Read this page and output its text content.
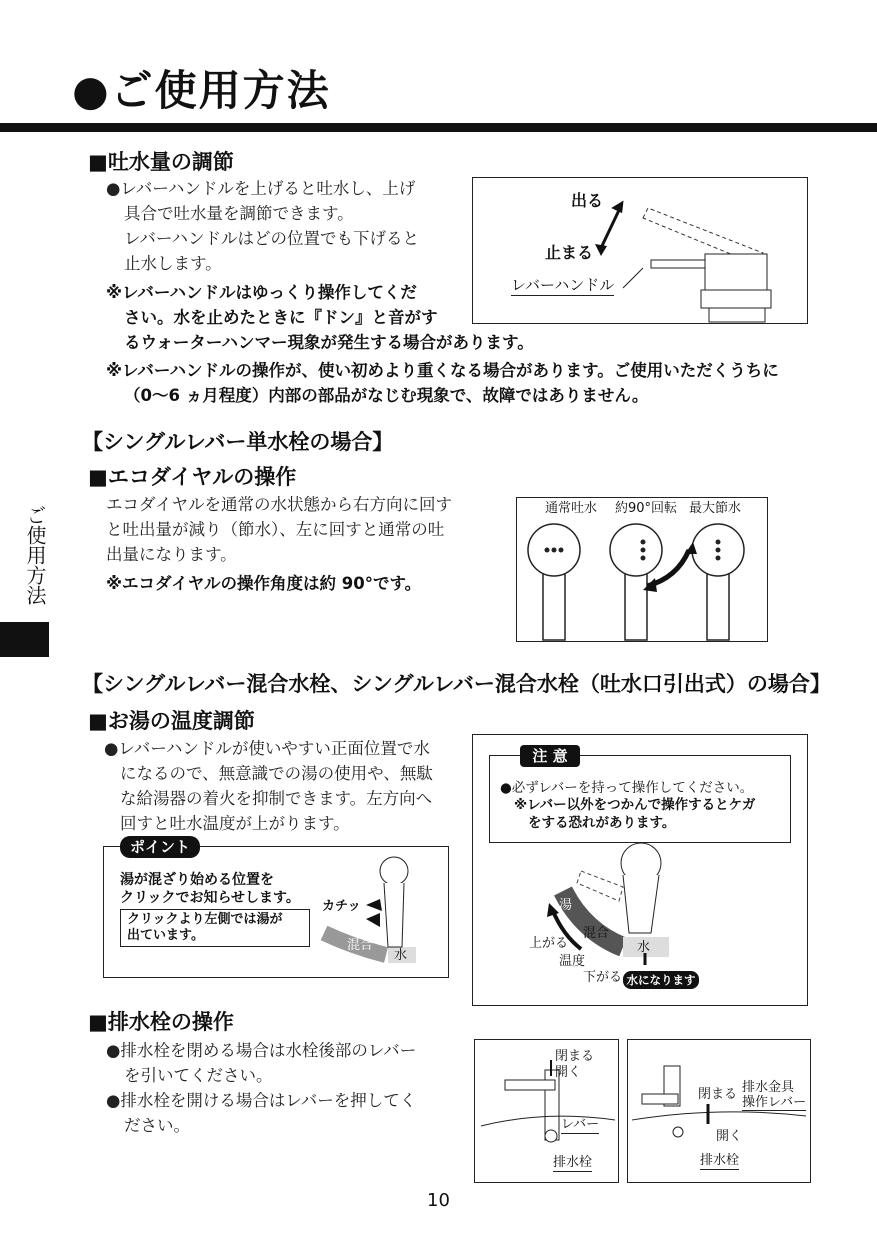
●ご使用方法
ご使用方法
■吐水量の調節
●レバーハンドルを上げると吐水し、上げ
具合で吐水量を調節できます。
レバーハンドルはどの位置でも下げると
止水します。
※レバーハンドルはゆっくり操作してくだ
さい。水を止めたときに『ドン』と音がす
るウォーターハンマー現象が発生する場合があります。
※レバーハンドルの操作が、使い初めより重くなる場合があります。ご使用いただくうちに
（0〜6 ヵ月程度）内部の部品がなじむ現象で、故障ではありません。
出る
止まる
レバーハンドル
【シングルレバー単水栓の場合】
■エコダイヤルの操作
エコダイヤルを通常の水状態から右方向に回す
と吐出量が減り（節水）、左に回すと通常の吐
出量になります。
※エコダイヤルの操作角度は約 90°です。
通常吐水 約90°回転 最大節水
【シングルレバー混合水栓、シングルレバー混合水栓（吐水口引出式）の場合】
■お湯の温度調節
●レバーハンドルが使いやすい正面位置で水
になるので、無意識での湯の使用や、無駄
な給湯器の着火を抑制できます。左方向へ
回すと吐水温度が上がります。
ポイント
湯が混ざり始める位置を
クリックでお知らせします。
クリックより左側では湯が
出ています。
カチッ
混合
水
注 意
●必ずレバーを持って操作してください。
※レバー以外をつかんで操作するとケガ
をする恐れがあります。
湯
混合
水
上がる
温度
下がる 水になります
■排水栓の操作
●排水栓を閉める場合は水栓後部のレバー
を引いてください。
●排水栓を開ける場合はレバーを押してく
ださい。
閉まる
開く
レバー
排水栓
閉まる
開く
排水金具
操作レバー
排水栓
10
